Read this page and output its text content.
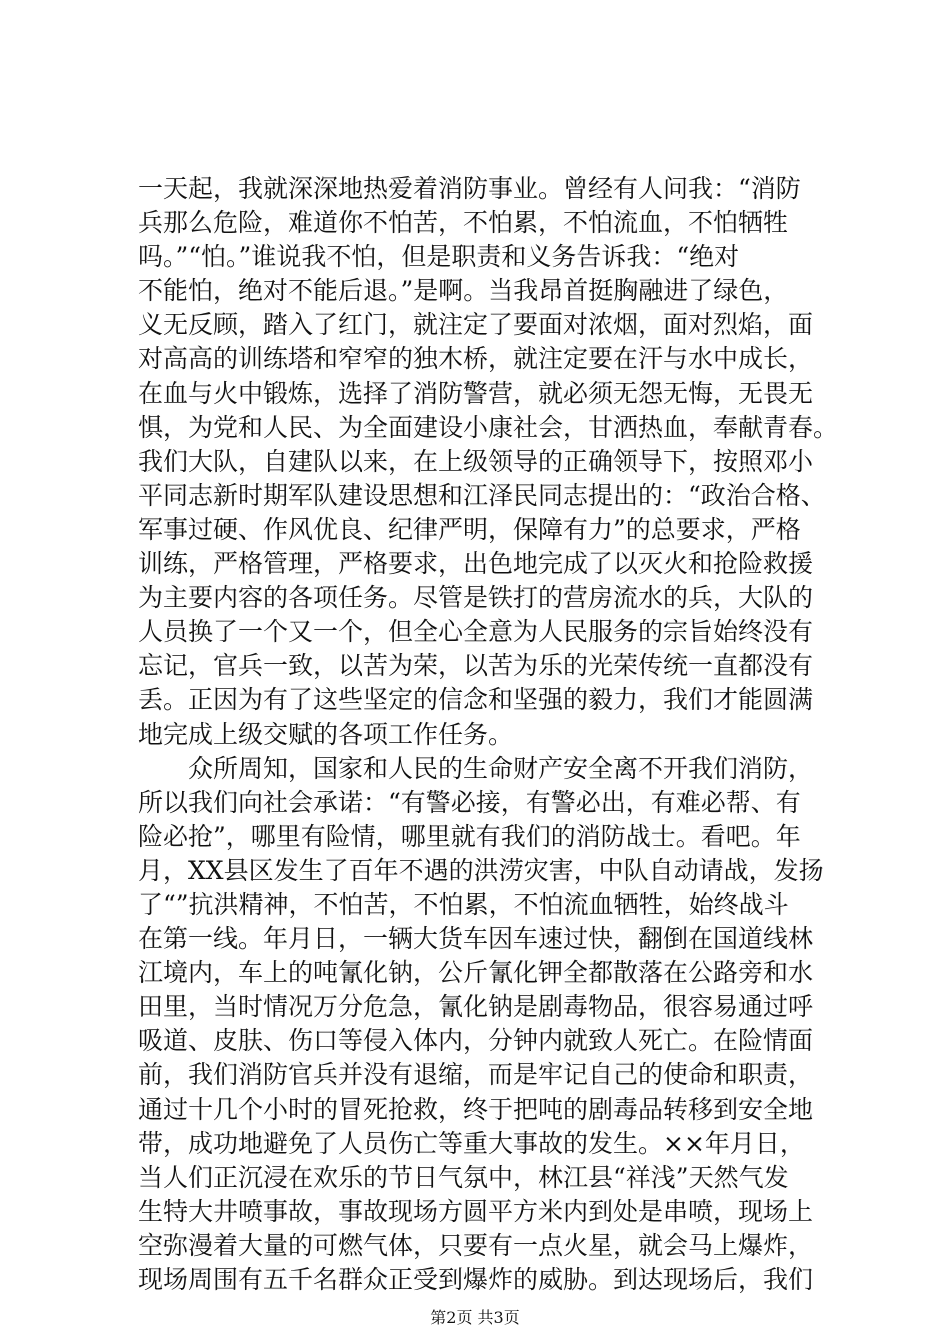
一天起，我就深深地热爱着消防事业。曾经有人问我：“消防
兵那么危险，难道你不怕苦，不怕累，不怕流血，不怕牺牲
吗。”“怕。”谁说我不怕，但是职责和义务告诉我：“绝对
不能怕，绝对不能后退。”是啊。当我昂首挺胸融进了绿色，
义无反顾，踏入了红门，就注定了要面对浓烟，面对烈焰，面
对高高的训练塔和窄窄的独木桥，就注定要在汗与水中成长，
在血与火中锻炼，选择了消防警营，就必须无怨无悔，无畏无
惧，为党和人民、为全面建设小康社会，甘洒热血，奉献青春。
我们大队，自建队以来，在上级领导的正确领导下，按照邓小
平同志新时期军队建设思想和江泽民同志提出的：“政治合格、
军事过硬、作风优良、纪律严明，保障有力”的总要求，严格
训练，严格管理，严格要求，出色地完成了以灭火和抢险救援
为主要内容的各项任务。尽管是铁打的营房流水的兵，大队的
人员换了一个又一个，但全心全意为人民服务的宗旨始终没有
忘记，官兵一致，以苦为荣，以苦为乐的光荣传统一直都没有
丢。正因为有了这些坚定的信念和坚强的毅力，我们才能圆满
地完成上级交赋的各项工作任务。
　　众所周知，国家和人民的生命财产安全离不开我们消防，
所以我们向社会承诺：“有警必接，有警必出，有难必帮、有
险必抢”，哪里有险情，哪里就有我们的消防战士。看吧。年
月，XX县区发生了百年不遇的洪涝灾害，中队自动请战，发扬
了“”抗洪精神，不怕苦，不怕累，不怕流血牺牲，始终战斗
在第一线。年月日，一辆大货车因车速过快，翻倒在国道线林
江境内，车上的吨氰化钠，公斤氰化钾全都散落在公路旁和水
田里，当时情况万分危急，氰化钠是剧毒物品，很容易通过呼
吸道、皮肤、伤口等侵入体内，分钟内就致人死亡。在险情面
前，我们消防官兵并没有退缩，而是牢记自己的使命和职责，
通过十几个小时的冒死抢救，终于把吨的剧毒品转移到安全地
带，成功地避免了人员伤亡等重大事故的发生。××年月日，
当人们正沉浸在欢乐的节日气氛中，林江县“祥浅”天然气发
生特大井喷事故，事故现场方圆平方米内到处是串喷，现场上
空弥漫着大量的可燃气体，只要有一点火星，就会马上爆炸，
现场周围有五千名群众正受到爆炸的威胁。到达现场后，我们
第2页 共3页
